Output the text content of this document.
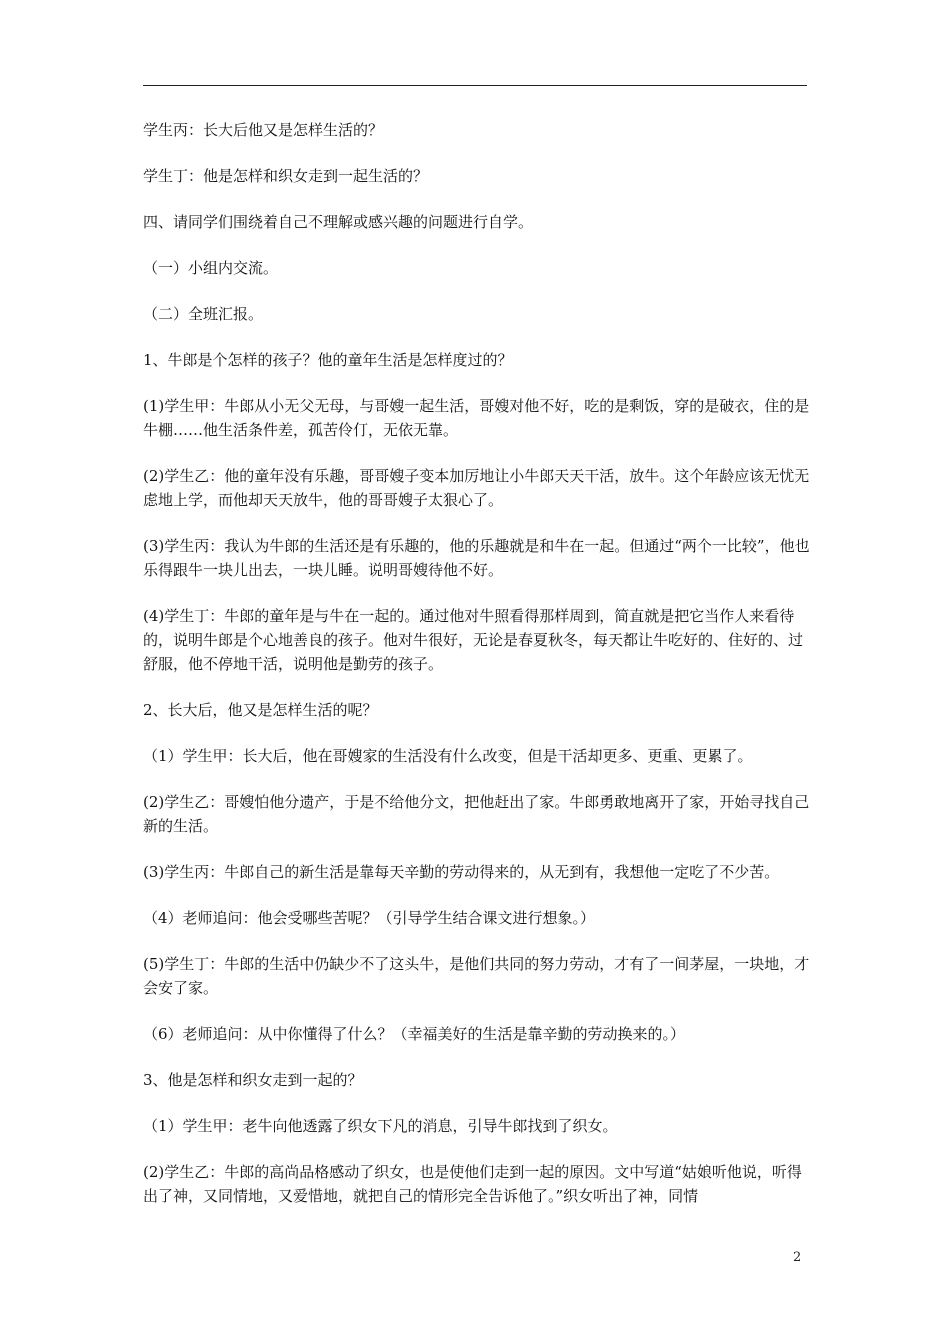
学生丙：长大后他又是怎样生活的？

学生丁：他是怎样和织女走到一起生活的？

四、请同学们围绕着自己不理解或感兴趣的问题进行自学。

（一）小组内交流。

（二）全班汇报。

1、牛郎是个怎样的孩子？他的童年生活是怎样度过的？

(1)学生甲：牛郎从小无父无母，与哥嫂一起生活，哥嫂对他不好，吃的是剩饭，穿的是破衣，住的是牛棚……他生活条件差，孤苦伶仃，无依无靠。

(2)学生乙：他的童年没有乐趣，哥哥嫂子变本加厉地让小牛郎天天干活，放牛。这个年龄应该无忧无虑地上学，而他却天天放牛，他的哥哥嫂子太狠心了。

(3)学生丙：我认为牛郎的生活还是有乐趣的，他的乐趣就是和牛在一起。但通过“两个一比较”，他也乐得跟牛一块儿出去，一块儿睡。说明哥嫂待他不好。

(4)学生丁：牛郎的童年是与牛在一起的。通过他对牛照看得那样周到，简直就是把它当作人来看待的，说明牛郎是个心地善良的孩子。他对牛很好，无论是春夏秋冬，每天都让牛吃好的、住好的、过舒服，他不停地干活，说明他是勤劳的孩子。

2、长大后，他又是怎样生活的呢？

（1）学生甲：长大后，他在哥嫂家的生活没有什么改变，但是干活却更多、更重、更累了。

(2)学生乙：哥嫂怕他分遗产，于是不给他分文，把他赶出了家。牛郎勇敢地离开了家，开始寻找自己新的生活。

(3)学生丙：牛郎自己的新生活是靠每天辛勤的劳动得来的，从无到有，我想他一定吃了不少苦。

（4）老师追问：他会受哪些苦呢？（引导学生结合课文进行想象。）

(5)学生丁：牛郎的生活中仍缺少不了这头牛，是他们共同的努力劳动，才有了一间茅屋，一块地，才会安了家。

（6）老师追问：从中你懂得了什么？（幸福美好的生活是靠辛勤的劳动换来的。）

3、他是怎样和织女走到一起的？

（1）学生甲：老牛向他透露了织女下凡的消息，引导牛郎找到了织女。

(2)学生乙：牛郎的高尚品格感动了织女，也是使他们走到一起的原因。文中写道“姑娘听他说，听得出了神，又同情地，又爱惜地，就把自己的情形完全告诉他了。”织女听出了神，同情

2
